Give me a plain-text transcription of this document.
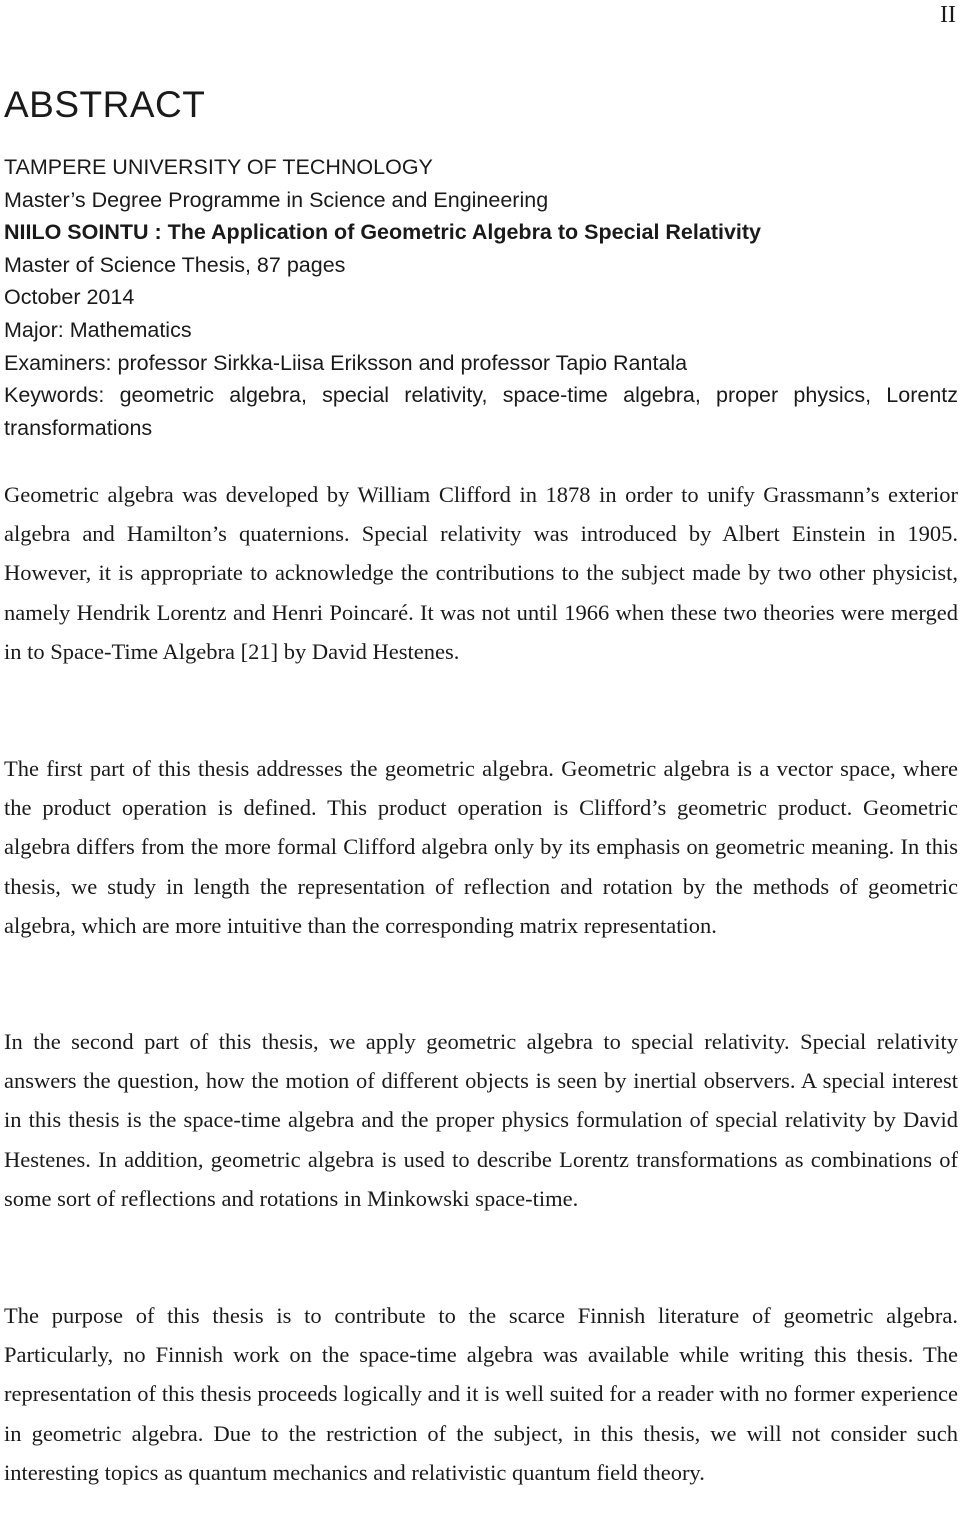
II
ABSTRACT
TAMPERE UNIVERSITY OF TECHNOLOGY
Master’s Degree Programme in Science and Engineering
NIILO SOINTU : The Application of Geometric Algebra to Special Relativity
Master of Science Thesis, 87 pages
October 2014
Major: Mathematics
Examiners: professor Sirkka-Liisa Eriksson and professor Tapio Rantala
Keywords: geometric algebra, special relativity, space-time algebra, proper physics, Lorentz transformations

Geometric algebra was developed by William Clifford in 1878 in order to unify Grassmann’s exterior algebra and Hamilton’s quaternions. Special relativity was introduced by Albert Einstein in 1905. However, it is appropriate to acknowledge the contributions to the subject made by two other physicist, namely Hendrik Lorentz and Henri Poincaré. It was not until 1966 when these two theories were merged in to Space-Time Algebra [21] by David Hestenes.

The first part of this thesis addresses the geometric algebra. Geometric algebra is a vector space, where the product operation is defined. This product operation is Clifford’s geometric product. Geometric algebra differs from the more formal Clifford algebra only by its emphasis on geometric meaning. In this thesis, we study in length the representation of reflection and rotation by the methods of geometric algebra, which are more intuitive than the corresponding matrix representation.

In the second part of this thesis, we apply geometric algebra to special relativity. Special relativity answers the question, how the motion of different objects is seen by inertial observers. A special interest in this thesis is the space-time algebra and the proper physics formulation of special relativity by David Hestenes. In addition, geometric algebra is used to describe Lorentz transformations as combinations of some sort of reflections and rotations in Minkowski space-time.

The purpose of this thesis is to contribute to the scarce Finnish literature of geometric algebra. Particularly, no Finnish work on the space-time algebra was available while writing this thesis. The representation of this thesis proceeds logically and it is well suited for a reader with no former experience in geometric algebra. Due to the restriction of the subject, in this thesis, we will not consider such interesting topics as quantum mechanics and relativistic quantum field theory.
